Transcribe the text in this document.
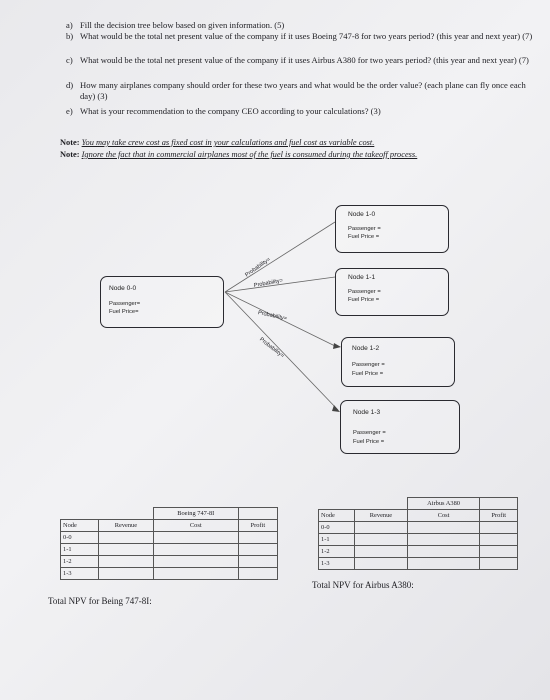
a) Fill the decision tree below based on given information. (5)
b) What would be the total net present value of the company if it uses Boeing 747-8 for two years period? (this year and next year) (7)
c) What would be the total net present value of the company if it uses Airbus A380 for two years period? (this year and next year) (7)
d) How many airplanes company should order for these two years and what would be the order value? (each plane can fly once each day) (3)
e) What is your recommendation to the company CEO according to your calculations? (3)
Note: You may take crew cost as fixed cost in your calculations and fuel cost as variable cost.
Note: Ignore the fact that in commercial airplanes most of the fuel is consumed during the takeoff process.
Probability=
Probability=
Probability=
Probability=
Node 0-0
Passenger=
Fuel Price=
Node 1-0
Passenger =
Fuel Price =
Node 1-1
Passenger =
Fuel Price =
Node 1-2
Passenger =
Fuel Price =
Node 1-3
Passenger =
Fuel Price =
		Boeing 747-8I	
Node	Revenue	Cost	Profit
0-0			
1-1			
1-2			
1-3			
		Airbus A380	
Node	Revenue	Cost	Profit
0-0			
1-1			
1-2			
1-3			
Total NPV for Being 747-8I:
Total NPV for Airbus A380:
